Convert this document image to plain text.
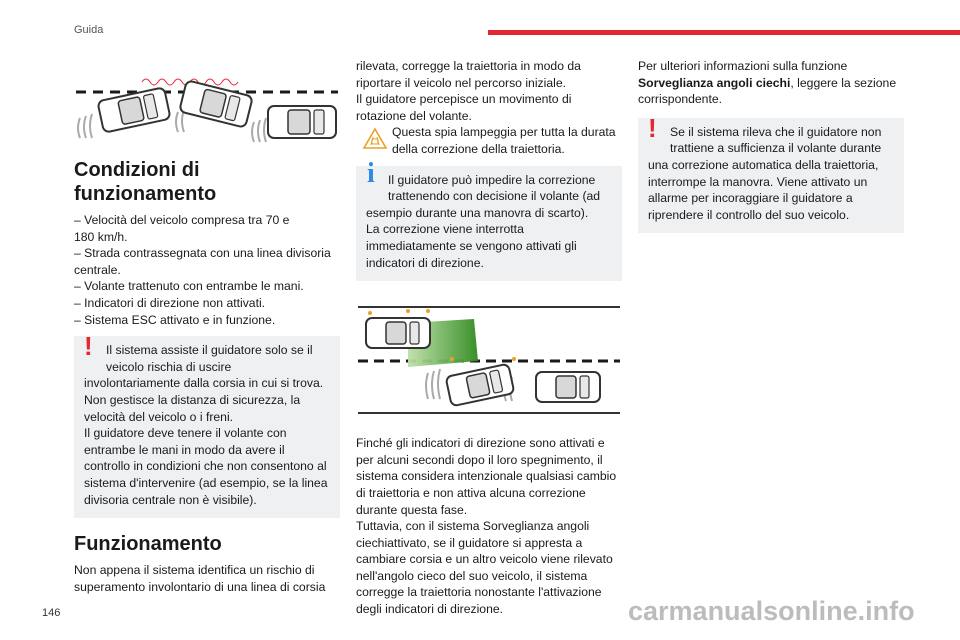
Guida
Condizioni di
funzionamento
– Velocità del veicolo compresa tra 70 e
180 km/h.
– Strada contrassegnata con una linea divisoria
centrale.
– Volante trattenuto con entrambe le mani.
– Indicatori di direzione non attivati.
– Sistema ESC attivato e in funzione.
!	Il sistema assiste il guidatore solo se il
veicolo rischia di uscire
involontariamente dalla corsia in cui si trova.
Non gestisce la distanza di sicurezza, la
velocità del veicolo o i freni.
Il guidatore deve tenere il volante con
entrambe le mani in modo da avere il
controllo in condizioni che non consentono al
sistema d'intervenire (ad esempio, se la linea
divisoria centrale non è visibile).
Funzionamento
Non appena il sistema identifica un rischio di
superamento involontario di una linea di corsia
rilevata, corregge la traiettoria in modo da
riportare il veicolo nel percorso iniziale.
Il guidatore percepisce un movimento di
rotazione del volante.
Questa spia lampeggia per tutta la durata
della correzione della traiettoria.
i	Il guidatore può impedire la correzione
trattenendo con decisione il volante (ad
esempio durante una manovra di scarto).
La correzione viene interrotta
immediatamente se vengono attivati gli
indicatori di direzione.
Finché gli indicatori di direzione sono attivati e
per alcuni secondi dopo il loro spegnimento, il
sistema considera intenzionale qualsiasi cambio
di traiettoria e non attiva alcuna correzione
durante questa fase.
Tuttavia, con il sistema Sorveglianza angoli
ciechiattivato, se il guidatore si appresta a
cambiare corsia e un altro veicolo viene rilevato
nell'angolo cieco del suo veicolo, il sistema
corregge la traiettoria nonostante l'attivazione
degli indicatori di direzione.
Per ulteriori informazioni sulla funzione
Sorveglianza angoli ciechi, leggere la sezione
corrispondente.
!	Se il sistema rileva che il guidatore non
trattiene a sufficienza il volante durante
una correzione automatica della traiettoria,
interrompe la manovra. Viene attivato un
allarme per incoraggiare il guidatore a
riprendere il controllo del suo veicolo.
146	carmanualsonline.info
